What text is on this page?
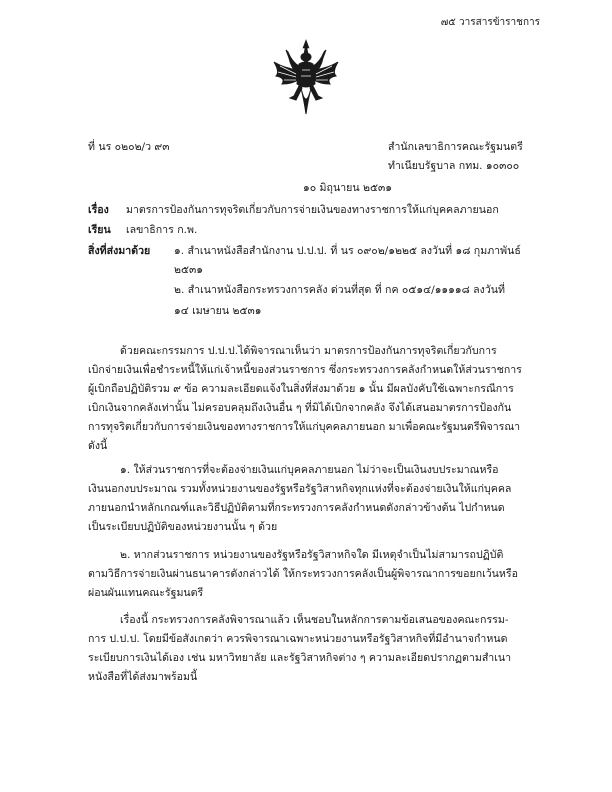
๗๕ วารสารข้าราชการ
ที่ นร ๐๒๐๒/ว ๙๓	สำนักเลขาธิการคณะรัฐมนตรี
ทำเนียบรัฐบาล กทม. ๑๐๓๐๐
๑๐ มิถุนายน ๒๕๓๑
เรื่อง มาตรการป้องกันการทุจริตเกี่ยวกับการจ่ายเงินของทางราชการให้แก่บุคคลภายนอก
เรียน เลขาธิการ ก.พ.
สิ่งที่ส่งมาด้วย ๑. สำเนาหนังสือสำนักงาน ป.ป.ป. ที่ นร ๐๙๐๒/๑๒๒๕ ลงวันที่ ๑๘ กุมภาพันธ์
๒๕๓๑
๒. สำเนาหนังสือกระทรวงการคลัง ด่วนที่สุด ที่ กค ๐๕๑๔/๑๑๑๑๘ ลงวันที่
๑๔ เมษายน ๒๕๓๑
ด้วยคณะกรรมการ ป.ป.ป.ได้พิจารณาเห็นว่า มาตรการป้องกันการทุจริตเกี่ยวกับการ
เบิกจ่ายเงินเพื่อชำระหนี้ให้แก่เจ้าหนี้ของส่วนราชการ ซึ่งกระทรวงการคลังกำหนดให้ส่วนราชการ
ผู้เบิกถือปฏิบัติรวม ๙ ข้อ ความละเอียดแจ้งในสิ่งที่ส่งมาด้วย ๑ นั้น มีผลบังคับใช้เฉพาะกรณีการ
เบิกเงินจากคลังเท่านั้น ไม่ครอบคลุมถึงเงินอื่น ๆ ที่มิได้เบิกจากคลัง จึงได้เสนอมาตรการป้องกัน
การทุจริตเกี่ยวกับการจ่ายเงินของทางราชการให้แก่บุคคลภายนอก มาเพื่อคณะรัฐมนตรีพิจารณา
ดังนี้
๑. ให้ส่วนราชการที่จะต้องจ่ายเงินแก่บุคคลภายนอก ไม่ว่าจะเป็นเงินงบประมาณหรือ
เงินนอกงบประมาณ รวมทั้งหน่วยงานของรัฐหรือรัฐวิสาหกิจทุกแห่งที่จะต้องจ่ายเงินให้แก่บุคคล
ภายนอกนำหลักเกณฑ์และวิธีปฏิบัติตามที่กระทรวงการคลังกำหนดดังกล่าวข้างต้น ไปกำหนด
เป็นระเบียบปฏิบัติของหน่วยงานนั้น ๆ ด้วย
๒. หากส่วนราชการ หน่วยงานของรัฐหรือรัฐวิสาหกิจใด มีเหตุจำเป็นไม่สามารถปฏิบัติ
ตามวิธีการจ่ายเงินผ่านธนาคารดังกล่าวได้ ให้กระทรวงการคลังเป็นผู้พิจารณาการขอยกเว้นหรือ
ผ่อนผันแทนคณะรัฐมนตรี
เรื่องนี้ กระทรวงการคลังพิจารณาแล้ว เห็นชอบในหลักการตามข้อเสนอของคณะกรรม-
การ ป.ป.ป. โดยมีข้อสังเกตว่า ควรพิจารณาเฉพาะหน่วยงานหรือรัฐวิสาหกิจที่มีอำนาจกำหนด
ระเบียบการเงินได้เอง เช่น มหาวิทยาลัย และรัฐวิสาหกิจต่าง ๆ ความละเอียดปรากฏตามสำเนา
หนังสือที่ได้ส่งมาพร้อมนี้
